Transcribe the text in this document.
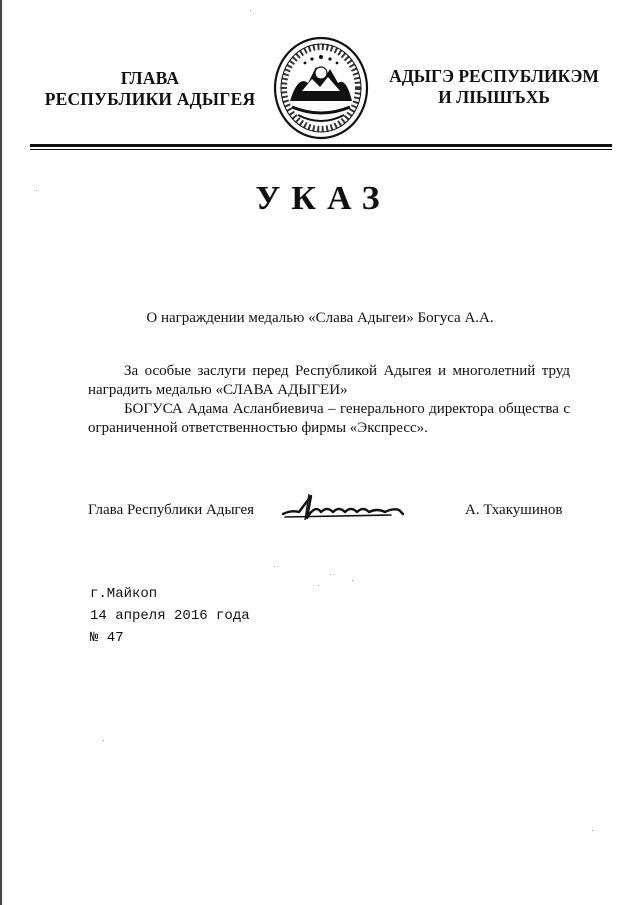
ГЛАВА
РЕСПУБЛИКИ АДЫГЕЯ
АДЫГЭ РЕСПУБЛИКЭМ
И ЛІЫШЪХЬ
УКАЗ
О награждении медалью «Слава Адыгеи» Богуса А.А.

За особые заслуги перед Республикой Адыгея и многолетний труд наградить медалью «СЛАВА АДЫГЕИ»

БОГУСА Адама Асланбиевича – генерального директора общества с ограниченной ответственностью фирмы «Экспресс».

Глава Республики Адыгея	А. Тхакушинов
г.Майкоп
14 апреля 2016 года
№ 47
